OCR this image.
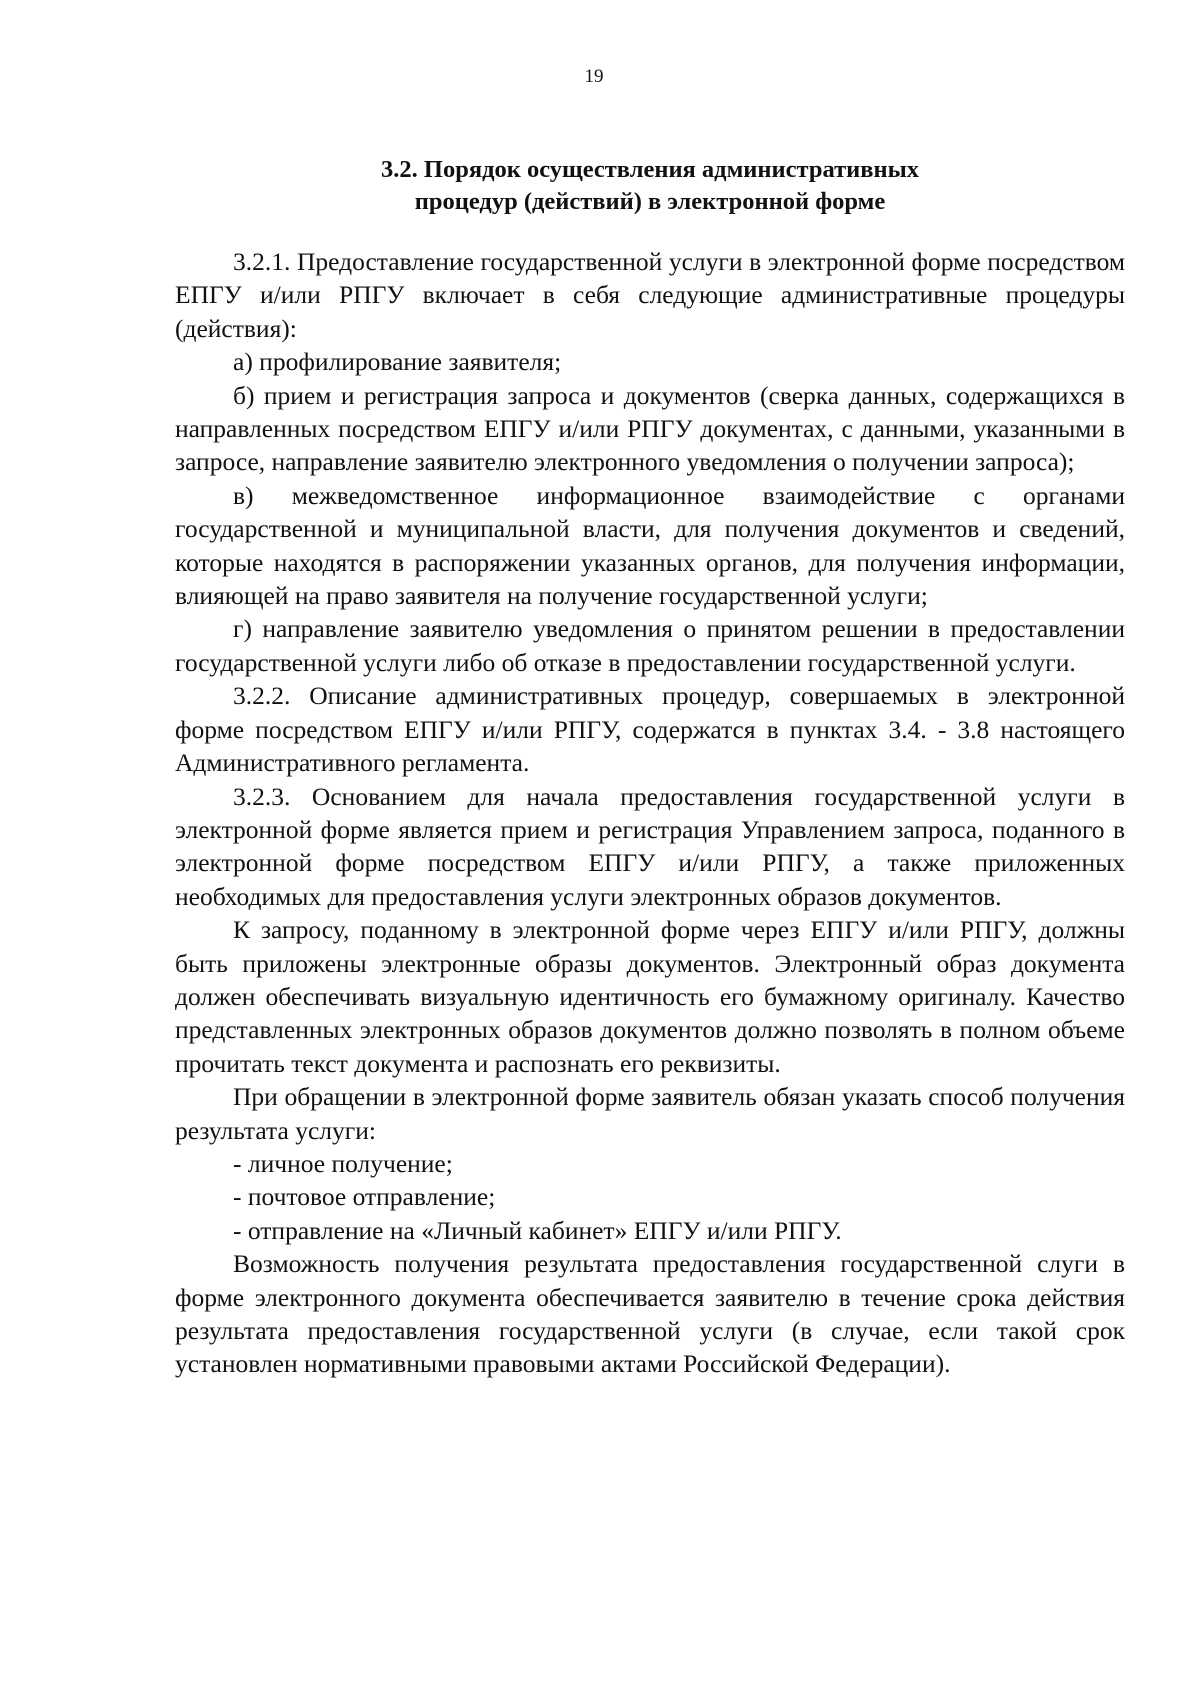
19
3.2. Порядок осуществления административных
процедур (действий) в электронной форме

3.2.1. Предоставление государственной услуги в электронной форме посредством ЕПГУ и/или РПГУ включает в себя следующие административные процедуры (действия):

а) профилирование заявителя;

б) прием и регистрация запроса и документов (сверка данных, содержащихся в направленных посредством ЕПГУ и/или РПГУ документах, с данными, указанными в запросе, направление заявителю электронного уведомления о получении запроса);

в) межведомственное информационное взаимодействие с органами государственной и муниципальной власти, для получения документов и сведений, которые находятся в распоряжении указанных органов, для получения информации, влияющей на право заявителя на получение государственной услуги;

г) направление заявителю уведомления о принятом решении в предоставлении государственной услуги либо об отказе в предоставлении государственной услуги.

3.2.2. Описание административных процедур, совершаемых в электронной форме посредством ЕПГУ и/или РПГУ, содержатся в пунктах 3.4. - 3.8 настоящего Административного регламента.

3.2.3. Основанием для начала предоставления государственной услуги в электронной форме является прием и регистрация Управлением запроса, поданного в электронной форме посредством ЕПГУ и/или РПГУ, а также приложенных необходимых для предоставления услуги электронных образов документов.

К запросу, поданному в электронной форме через ЕПГУ и/или РПГУ, должны быть приложены электронные образы документов. Электронный образ документа должен обеспечивать визуальную идентичность его бумажному оригиналу. Качество представленных электронных образов документов должно позволять в полном объеме прочитать текст документа и распознать его реквизиты.

При обращении в электронной форме заявитель обязан указать способ получения результата услуги:

- личное получение;

- почтовое отправление;

- отправление на «Личный кабинет» ЕПГУ и/или РПГУ.

Возможность получения результата предоставления государственной слуги в форме электронного документа обеспечивается заявителю в течение срока действия результата предоставления государственной услуги (в случае, если такой срок установлен нормативными правовыми актами Российской Федерации).
